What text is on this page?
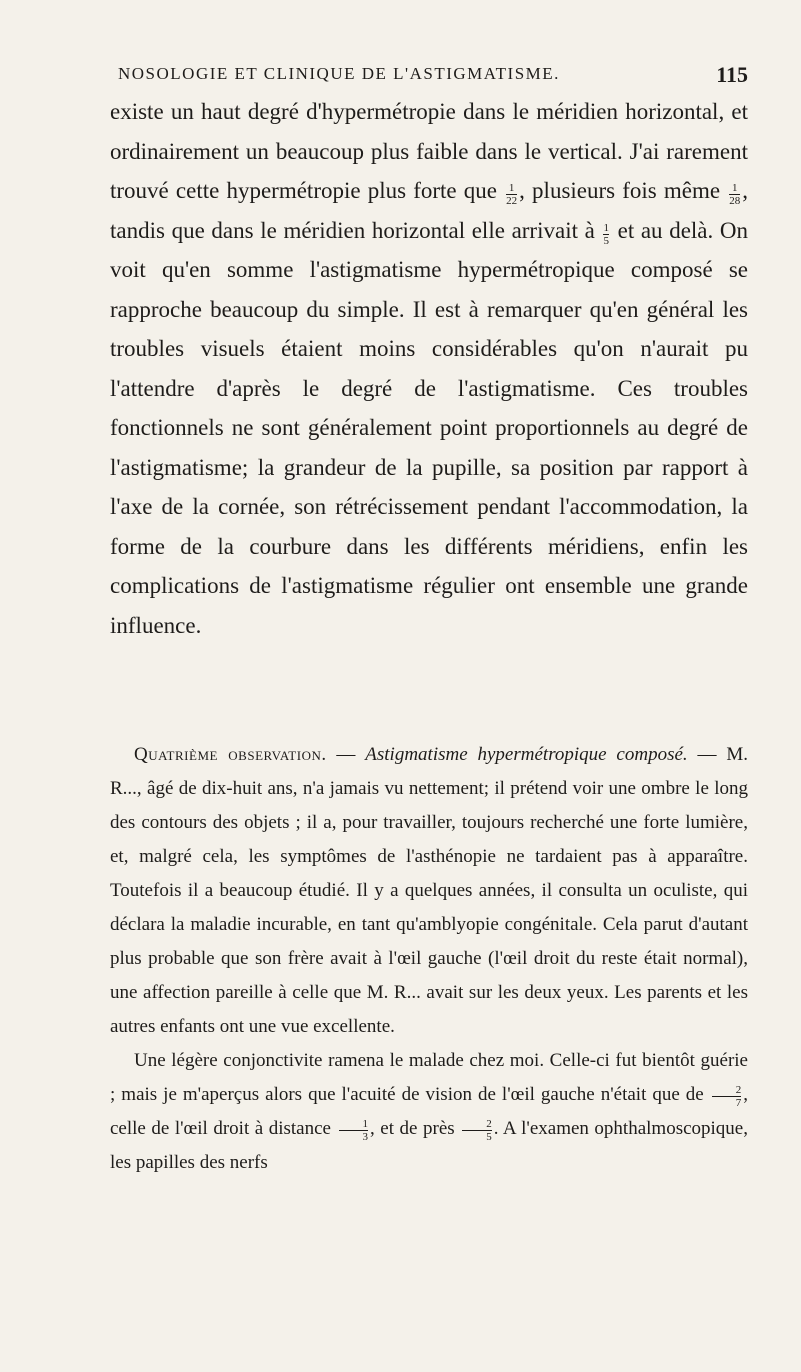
NOSOLOGIE ET CLINIQUE DE L'ASTIGMATISME.	115

existe un haut degré d'hypermétropie dans le méridien horizontal, et ordinairement un beaucoup plus faible dans le vertical. J'ai rarement trouvé cette hypermétropie plus forte que $\frac{1}{22}$ , plusieurs fois même $\frac{1}{28}$ , tandis que dans le méridien horizontal elle arrivait à $\frac{1}{5}$ et au delà. On voit qu'en somme l'astigmatisme hypermétropique composé se rapproche beaucoup du simple. Il est à remarquer qu'en général les troubles visuels étaient moins considérables qu'on n'aurait pu l'attendre d'après le degré de l'astigmatisme. Ces troubles fonctionnels ne sont généralement point proportionnels au degré de l'astigmatisme; la grandeur de la pupille, sa position par rapport à l'axe de la cornée, son rétrécissement pendant l'accommodation, la forme de la courbure dans les différents méridiens, enfin les complications de l'astigmatisme régulier ont ensemble une grande influence.

Quatrième observation. — Astigmatisme hypermétropique composé. — M. R..., âgé de dix-huit ans, n'a jamais vu nettement; il prétend voir une ombre le long des contours des objets ; il a, pour travailler, toujours recherché une forte lumière, et, malgré cela, les symptômes de l'asthénopie ne tardaient pas à apparaître. Toutefois il a beaucoup étudié. Il y a quelques années, il consulta un oculiste, qui déclara la maladie incurable, en tant qu'amblyopie congénitale. Cela parut d'autant plus probable que son frère avait à l'œil gauche (l'œil droit du reste était normal), une affection pareille à celle que M. R... avait sur les deux yeux. Les parents et les autres enfants ont une vue excellente.

Une légère conjonctivite ramena le malade chez moi. Celle-ci fut bientôt guérie ; mais je m'aperçus alors que l'acuité de vision de l'œil gauche n'était que de $\frac{2}{7}$ , celle de l'œil droit à distance $\frac{1}{3}$ , et de près $\frac{2}{5}$ . A l'examen ophthalmoscopique, les papilles des nerfs
